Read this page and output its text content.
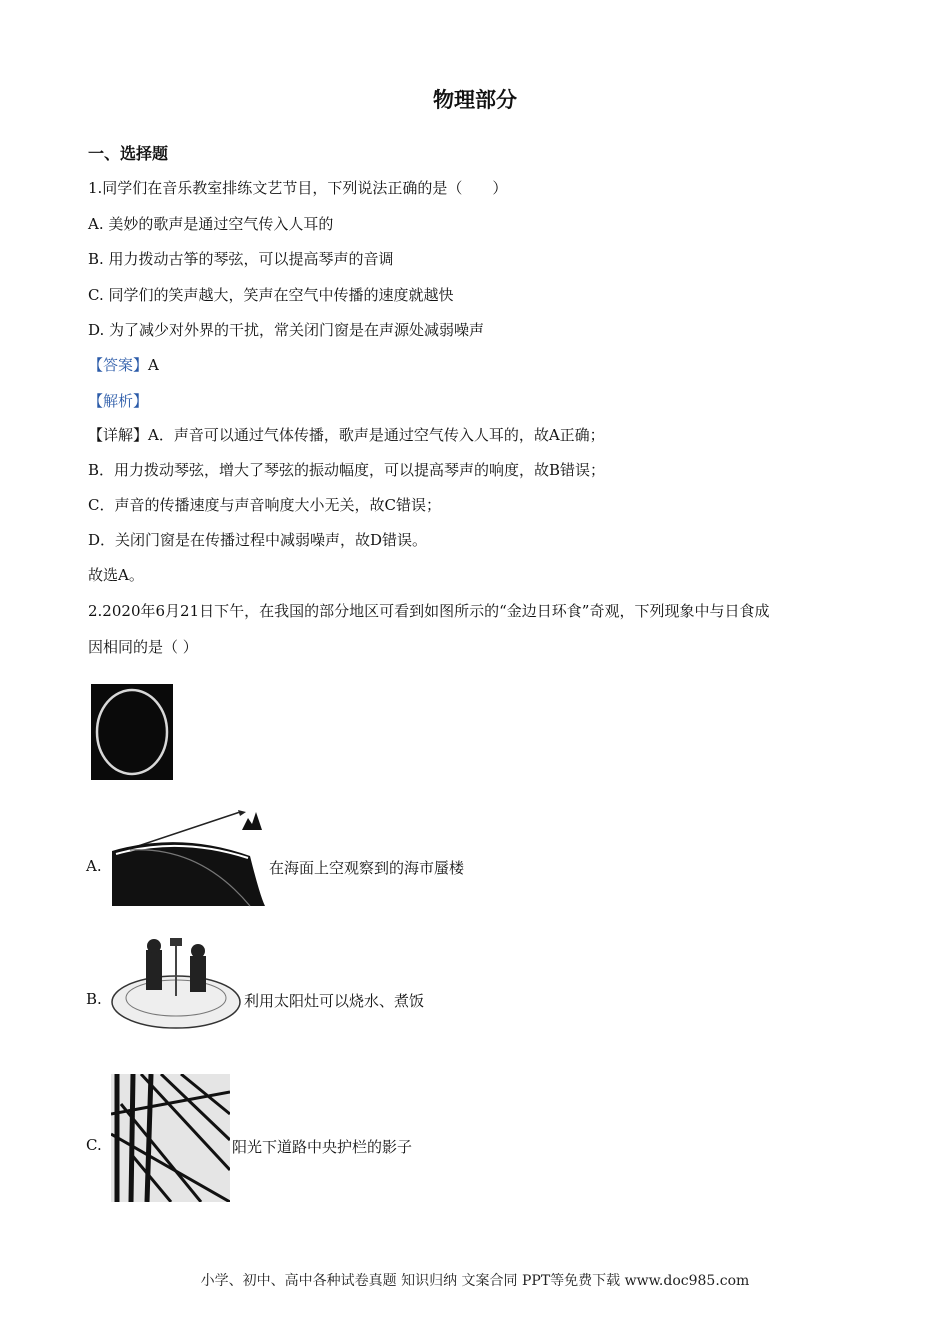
物理部分
一、选择题
1.同学们在音乐教室排练文艺节目，下列说法正确的是（　　）
A. 美妙的歌声是通过空气传入人耳的
B. 用力拨动古筝的琴弦，可以提高琴声的音调
C. 同学们的笑声越大，笑声在空气中传播的速度就越快
D. 为了减少对外界的干扰，常关闭门窗是在声源处减弱噪声
【答案】A
【解析】
【详解】A．声音可以通过气体传播，歌声是通过空气传入人耳的，故A正确；
B．用力拨动琴弦，增大了琴弦的振动幅度，可以提高琴声的响度，故B错误；
C．声音的传播速度与声音响度大小无关，故C错误；
D．关闭门窗是在传播过程中减弱噪声，故D错误。
故选A。
2.2020年6月21日下午，在我国的部分地区可看到如图所示的“金边日环食”奇观，下列现象中与日食成
因相同的是（ ）
A.	在海面上空观察到的海市蜃楼
B.	利用太阳灶可以烧水、煮饭
C.	阳光下道路中央护栏的影子
小学、初中、高中各种试卷真题 知识归纳 文案合同 PPT等免费下载 www.doc985.com
